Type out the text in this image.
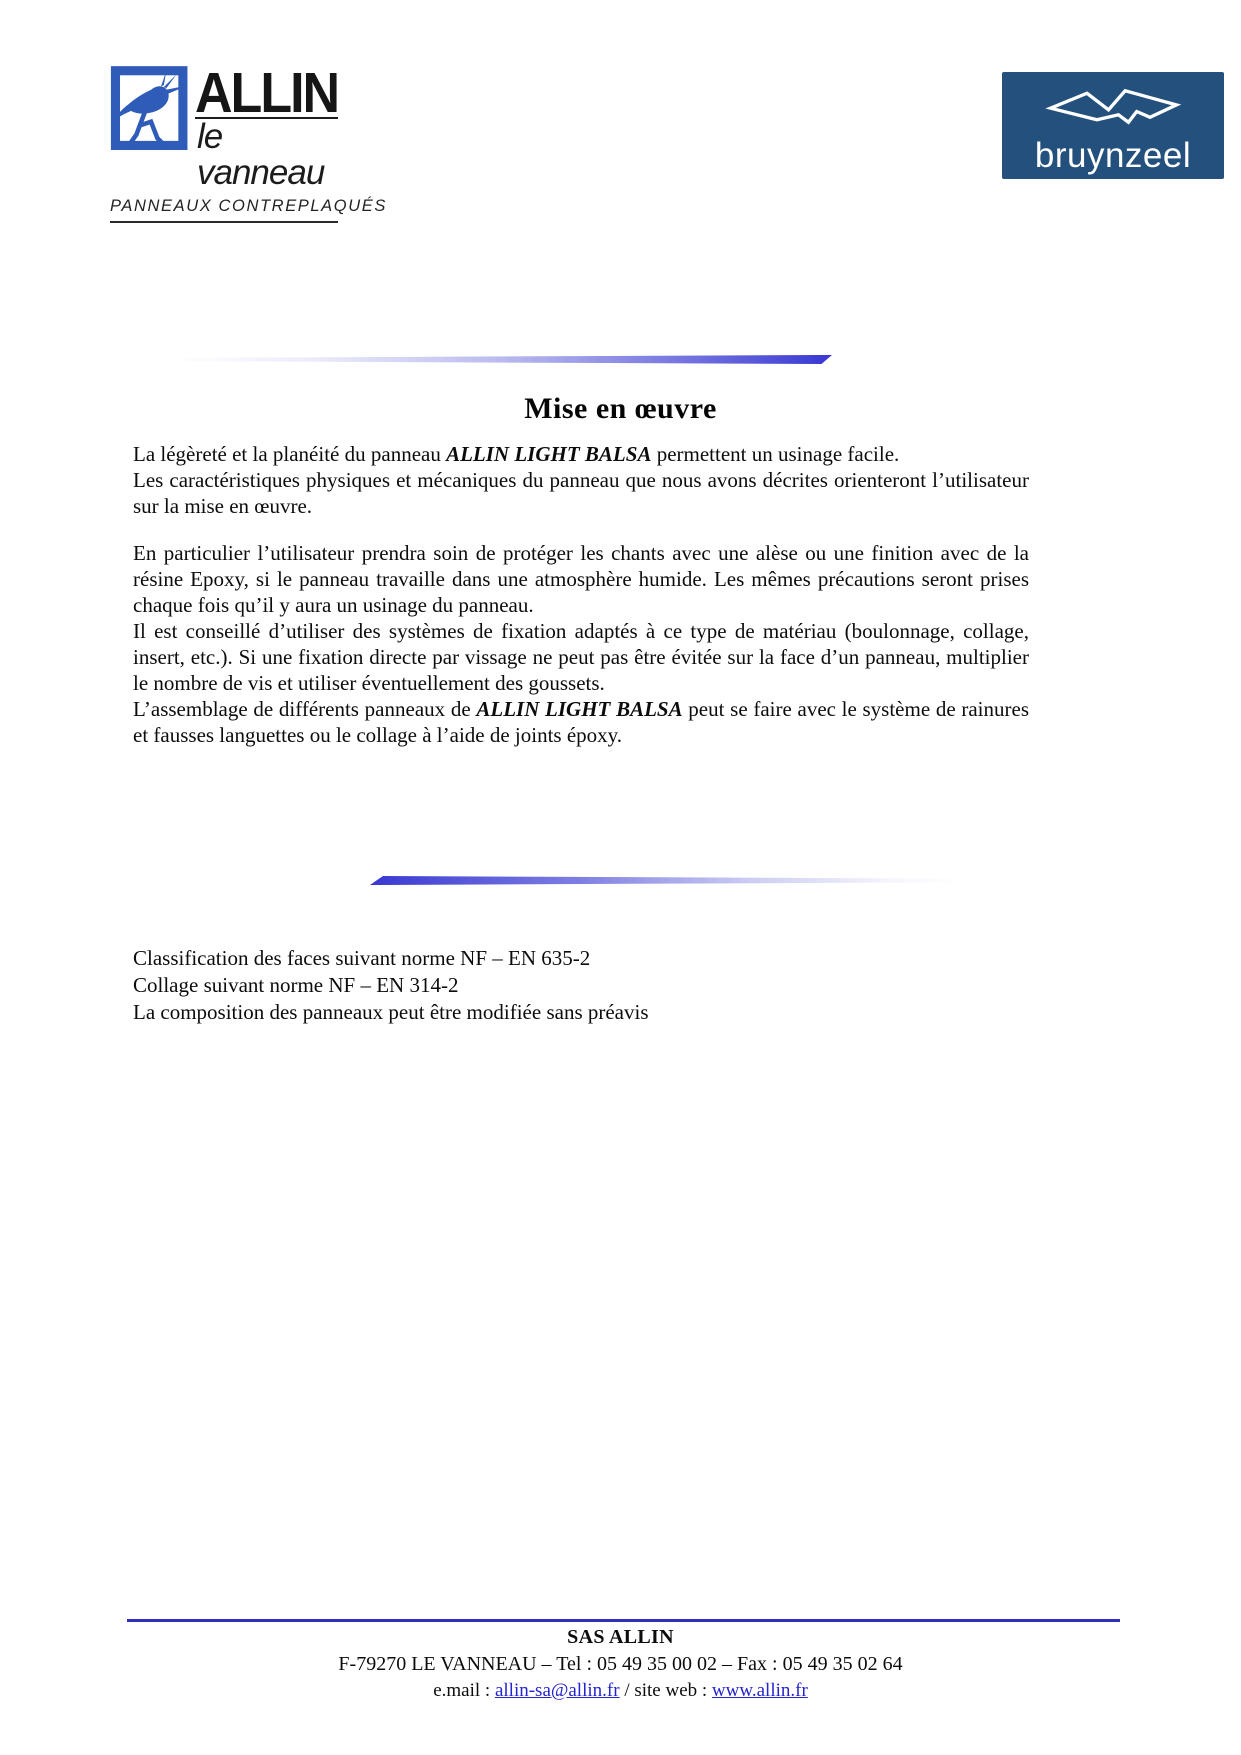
ALLIN
le vanneau
PANNEAUX CONTREPLAQUÉS
bruynzeel
Mise en œuvre

La légèreté et la planéité du panneau ALLIN LIGHT BALSA permettent un usinage facile.

Les caractéristiques physiques et mécaniques du panneau que nous avons décrites orienteront l’utilisateur sur la mise en œuvre.

En particulier l’utilisateur prendra soin de protéger les chants avec une alèse ou une finition avec de la résine Epoxy, si le panneau travaille dans une atmosphère humide. Les mêmes précautions seront prises chaque fois qu’il y aura un usinage du panneau.

Il est conseillé d’utiliser des systèmes de fixation adaptés à ce type de matériau (boulonnage, collage, insert, etc.). Si une fixation directe par vissage ne peut pas être évitée sur la face d’un panneau, multiplier le nombre de vis et utiliser éventuellement des goussets.

L’assemblage de différents panneaux de ALLIN LIGHT BALSA peut se faire avec le système de rainures et fausses languettes ou le collage à l’aide de joints époxy.

Classification des faces suivant norme NF – EN 635-2
Collage suivant norme NF – EN 314-2
La composition des panneaux peut être modifiée sans préavis
SAS ALLIN
F-79270 LE VANNEAU – Tel : 05 49 35 00 02 – Fax : 05 49 35 02 64
e.mail : allin-sa@allin.fr / site web : www.allin.fr
